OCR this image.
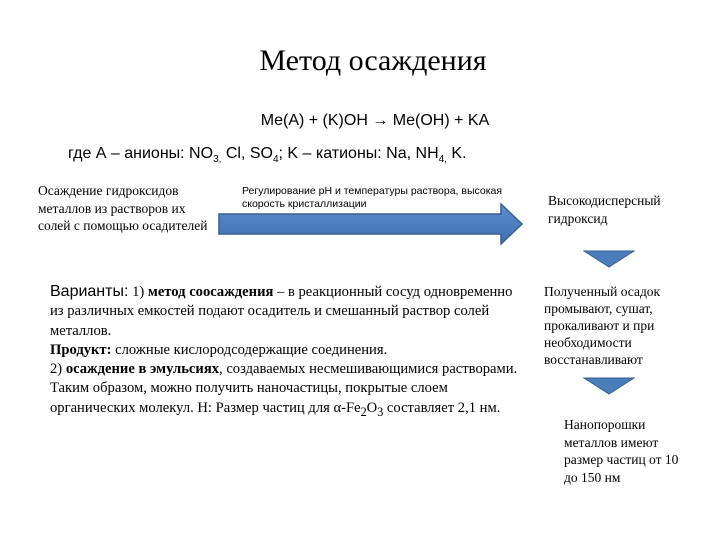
Метод осаждения
Me(A) + (K)OH → Me(OH) + KA
где А – анионы: $NO_{3,}$ Cl, $SO_4$; K – катионы: Na, $NH_{4,}$ K.
Осаждение гидроксидов металлов из растворов их солей с помощью осадителей
Регулирование pH и температуры раствора, высокая скорость кристаллизации	Высокодисперсный гидроксид
Полученный осадок промывают, сушат, прокаливают и при необходимости восстанавливают
Нанопорошки металлов имеют размер частиц от 10 до 150 нм

Варианты: 1) метод соосаждения – в реакционный сосуд одновременно из различных емкостей подают осадитель и смешанный раствор солей металлов.

Продукт: сложные кислородсодержащие соединения.

2) осаждение в эмульсиях, создаваемых несмешивающимися растворами. Таким образом, можно получить наночастицы, покрытые слоем органических молекул. Н: Размер частиц для $\alpha-Fe_2O_3$ составляет 2,1 нм.
